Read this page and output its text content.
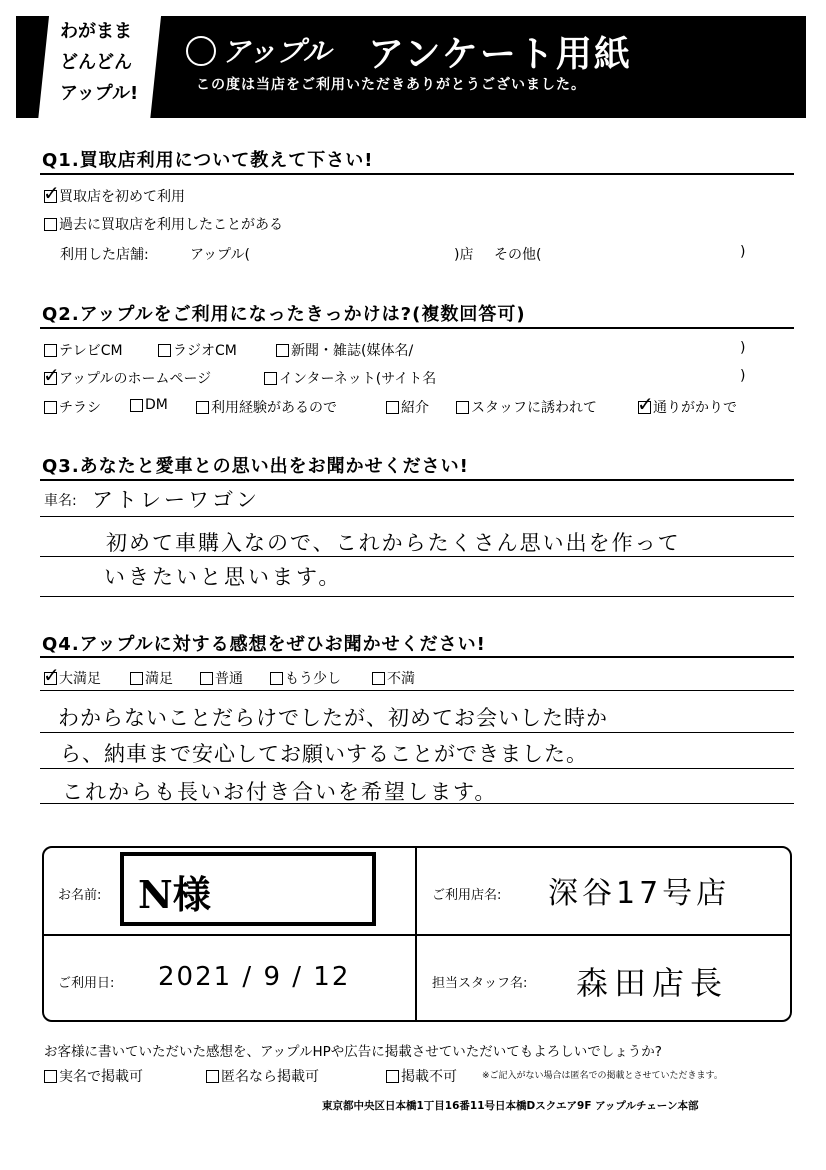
わがまま
どんどん
アップル!
アップル アンケート用紙
この度は当店をご利用いただきありがとうございました。
Q1.買取店利用について教えて下さい!
✓ 買取店を初めて利用
過去に買取店を利用したことがある
利用した店舗:	アップル(	)店 その他(	)
Q2.アップルをご利用になったきっかけは?(複数回答可)
テレビCM	ラジオCM	新聞・雑誌(媒体名/	)
✓ アップルのホームページ	インターネット(サイト名	)
チラシ	DM	利用経験があるので	紹介	スタッフに誘われて ✓ 通りがかりで
Q3.あなたと愛車との思い出をお聞かせください!
車名: アトレーワゴン
初めて車購入なので、これからたくさん思い出を作って
いきたいと思います。
Q4.アップルに対する感想をぜひお聞かせください!
✓ 大満足	満足	普通	もう少し	不満
わからないことだらけでしたが、初めてお会いした時か
ら、納車まで安心してお願いすることができました。
これからも長いお付き合いを希望します。
お名前: N様	ご利用店名: 深谷17号店
ご利用日: 2021 / 9 / 12	担当スタッフ名: 森田店長
お客様に書いていただいた感想を、アップルHPや広告に掲載させていただいてもよろしいでしょうか?
実名で掲載可	匿名なら掲載可	掲載不可	※ご記入がない場合は匿名での掲載とさせていただきます。
東京都中央区日本橋1丁目16番11号日本橋Dスクエア9F アップルチェーン本部
